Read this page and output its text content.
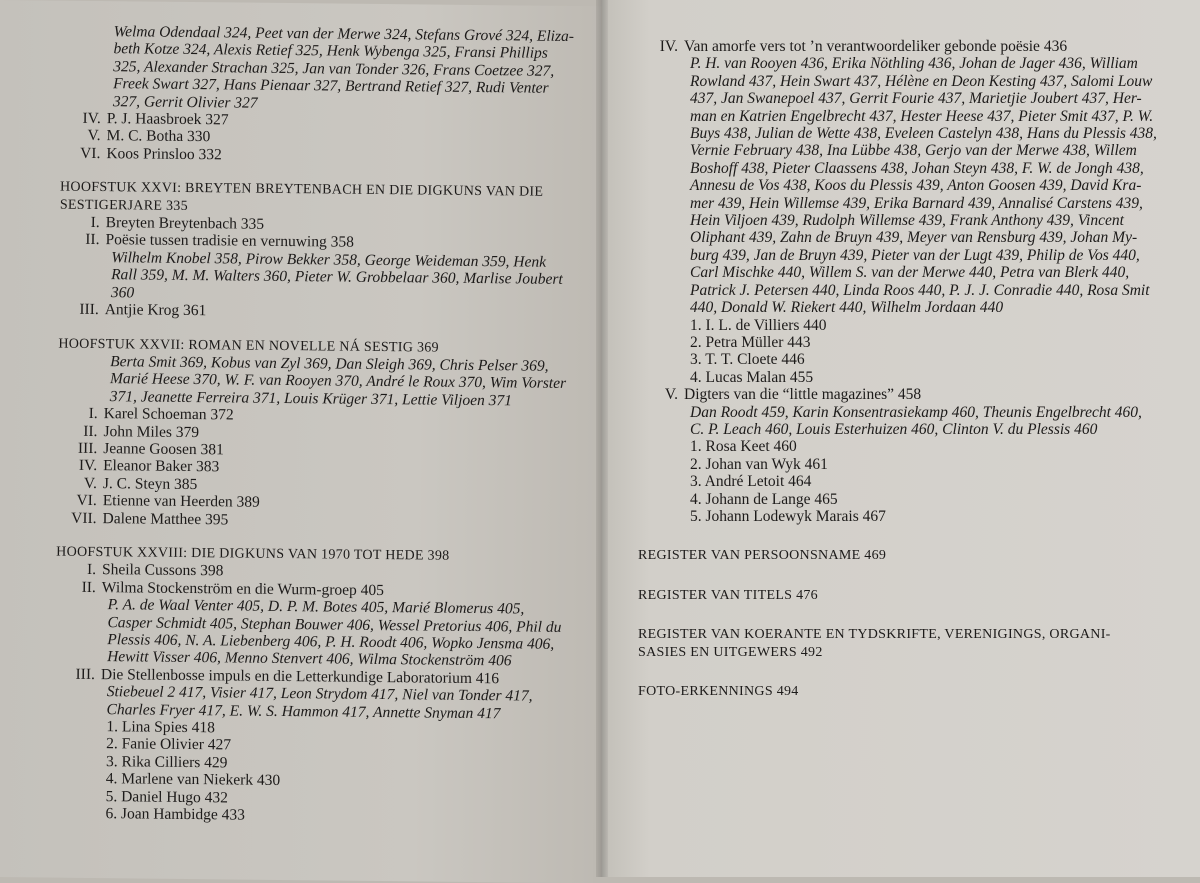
Welma Odendaal 324, Peet van der Merwe 324, Stefans Grové 324, Eliza-
beth Kotze 324, Alexis Retief 325, Henk Wybenga 325, Fransi Phillips
325, Alexander Strachan 325, Jan van Tonder 326, Frans Coetzee 327,
Freek Swart 327, Hans Pienaar 327, Bertrand Retief 327, Rudi Venter
327, Gerrit Olivier 327
IV. P. J. Haasbroek 327
V. M. C. Botha 330
VI. Koos Prinsloo 332
HOOFSTUK XXVI: BREYTEN BREYTENBACH EN DIE DIGKUNS VAN DIE
SESTIGERJARE 335
I. Breyten Breytenbach 335
II. Poësie tussen tradisie en vernuwing 358
Wilhelm Knobel 358, Pirow Bekker 358, George Weideman 359, Henk
Rall 359, M. M. Walters 360, Pieter W. Grobbelaar 360, Marlise Joubert
360
III. Antjie Krog 361
HOOFSTUK XXVII: ROMAN EN NOVELLE NÁ SESTIG 369
Berta Smit 369, Kobus van Zyl 369, Dan Sleigh 369, Chris Pelser 369,
Marié Heese 370, W. F. van Rooyen 370, André le Roux 370, Wim Vorster
371, Jeanette Ferreira 371, Louis Krüger 371, Lettie Viljoen 371
I. Karel Schoeman 372
II. John Miles 379
III. Jeanne Goosen 381
IV. Eleanor Baker 383
V. J. C. Steyn 385
VI. Etienne van Heerden 389
VII. Dalene Matthee 395
HOOFSTUK XXVIII: DIE DIGKUNS VAN 1970 TOT HEDE 398
I. Sheila Cussons 398
II. Wilma Stockenström en die Wurm-groep 405
P. A. de Waal Venter 405, D. P. M. Botes 405, Marié Blomerus 405,
Casper Schmidt 405, Stephan Bouwer 406, Wessel Pretorius 406, Phil du
Plessis 406, N. A. Liebenberg 406, P. H. Roodt 406, Wopko Jensma 406,
Hewitt Visser 406, Menno Stenvert 406, Wilma Stockenström 406
III. Die Stellenbosse impuls en die Letterkundige Laboratorium 416
Stiebeuel 2 417, Visier 417, Leon Strydom 417, Niel van Tonder 417,
Charles Fryer 417, E. W. S. Hammon 417, Annette Snyman 417
1. Lina Spies 418
2. Fanie Olivier 427
3. Rika Cilliers 429
4. Marlene van Niekerk 430
5. Daniel Hugo 432
6. Joan Hambidge 433
IV. Van amorfe vers tot ’n verantwoordeliker gebonde poësie 436
P. H. van Rooyen 436, Erika Nöthling 436, Johan de Jager 436, William
Rowland 437, Hein Swart 437, Hélène en Deon Kesting 437, Salomi Louw
437, Jan Swanepoel 437, Gerrit Fourie 437, Marietjie Joubert 437, Her-
man en Katrien Engelbrecht 437, Hester Heese 437, Pieter Smit 437, P. W.
Buys 438, Julian de Wette 438, Eveleen Castelyn 438, Hans du Plessis 438,
Vernie February 438, Ina Lübbe 438, Gerjo van der Merwe 438, Willem
Boshoff 438, Pieter Claassens 438, Johan Steyn 438, F. W. de Jongh 438,
Annesu de Vos 438, Koos du Plessis 439, Anton Goosen 439, David Kra-
mer 439, Hein Willemse 439, Erika Barnard 439, Annalisé Carstens 439,
Hein Viljoen 439, Rudolph Willemse 439, Frank Anthony 439, Vincent
Oliphant 439, Zahn de Bruyn 439, Meyer van Rensburg 439, Johan My-
burg 439, Jan de Bruyn 439, Pieter van der Lugt 439, Philip de Vos 440,
Carl Mischke 440, Willem S. van der Merwe 440, Petra van Blerk 440,
Patrick J. Petersen 440, Linda Roos 440, P. J. J. Conradie 440, Rosa Smit
440, Donald W. Riekert 440, Wilhelm Jordaan 440
1. I. L. de Villiers 440
2. Petra Müller 443
3. T. T. Cloete 446
4. Lucas Malan 455
V. Digters van die “little magazines” 458
Dan Roodt 459, Karin Konsentrasiekamp 460, Theunis Engelbrecht 460,
C. P. Leach 460, Louis Esterhuizen 460, Clinton V. du Plessis 460
1. Rosa Keet 460
2. Johan van Wyk 461
3. André Letoit 464
4. Johann de Lange 465
5. Johann Lodewyk Marais 467
REGISTER VAN PERSOONSNAME 469
REGISTER VAN TITELS 476
REGISTER VAN KOERANTE EN TYDSKRIFTE, VERENIGINGS, ORGANI-
SASIES EN UITGEWERS 492
FOTO-ERKENNINGS 494
